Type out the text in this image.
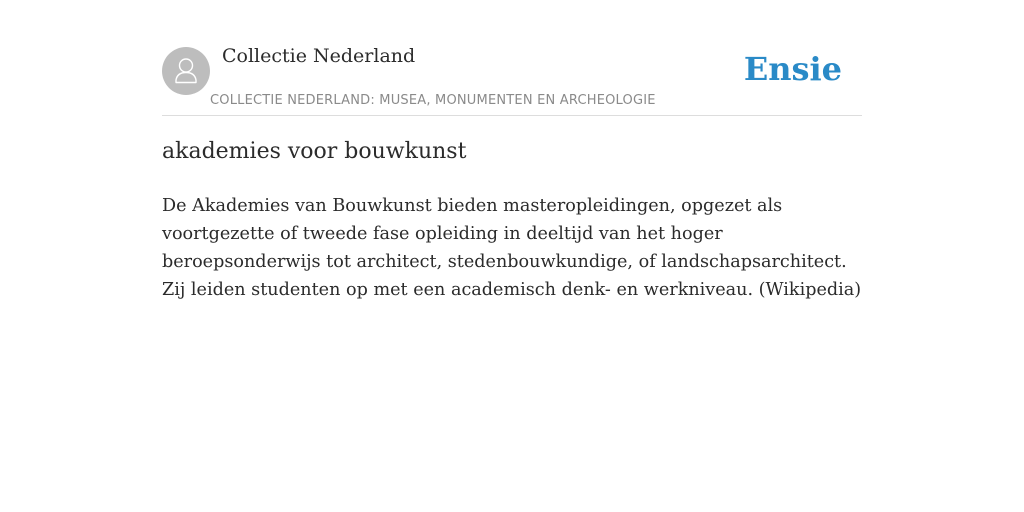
Collectie Nederland
COLLECTIE NEDERLAND: MUSEA, MONUMENTEN EN ARCHEOLOGIE
Ensie
akademies voor bouwkunst

De Akademies van Bouwkunst bieden masteropleidingen, opgezet als voortgezette of tweede fase opleiding in deeltijd van het hoger beroepsonderwijs tot architect, stedenbouwkundige, of landschapsarchitect. Zij leiden studenten op met een academisch denk- en werkniveau. (Wikipedia)
